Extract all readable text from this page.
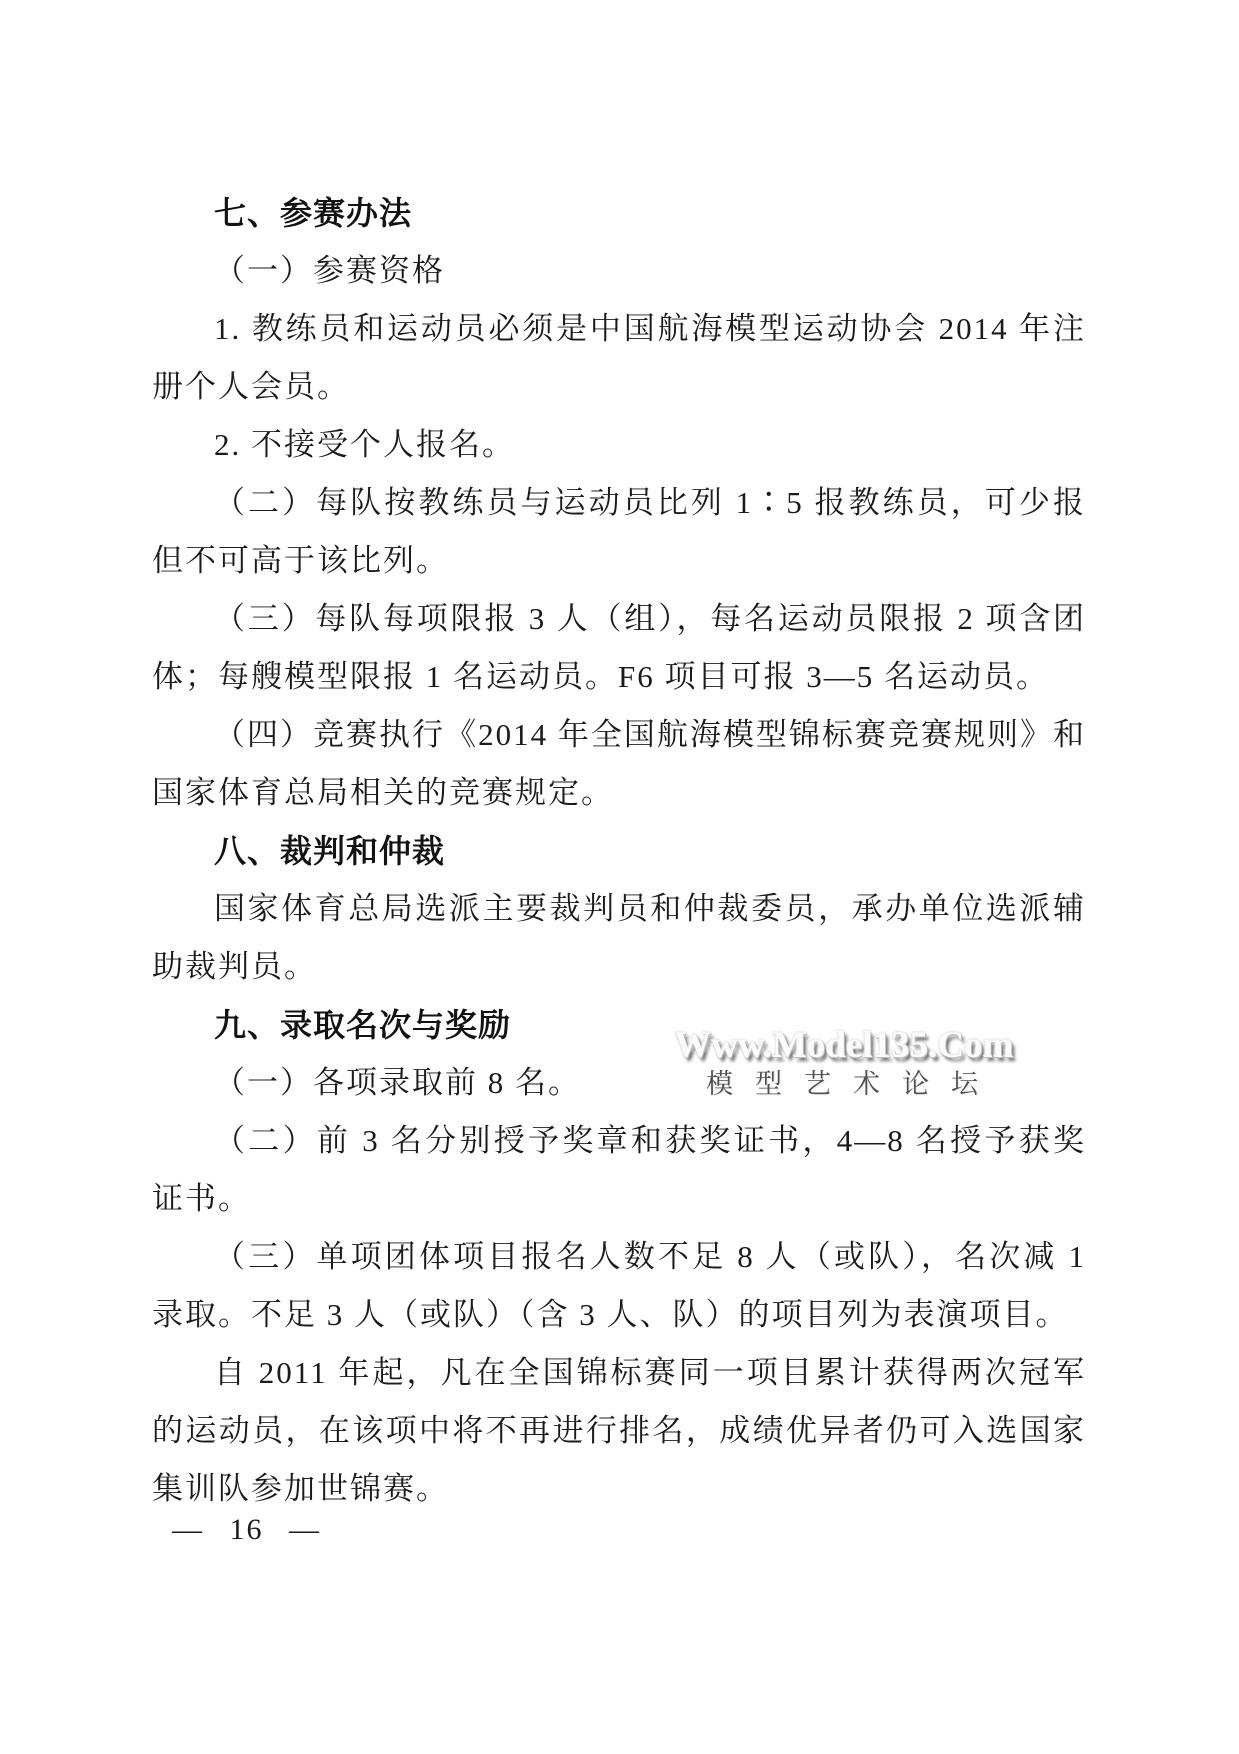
七、参赛办法

（一）参赛资格

1. 教练员和运动员必须是中国航海模型运动协会 2014 年注册个人会员。

2. 不接受个人报名。

（二）每队按教练员与运动员比列 1∶5 报教练员，可少报但不可高于该比列。

（三）每队每项限报 3 人（组），每名运动员限报 2 项含团体；每艘模型限报 1 名运动员。F6 项目可报 3—5 名运动员。

（四）竞赛执行《2014 年全国航海模型锦标赛竞赛规则》和国家体育总局相关的竞赛规定。

八、裁判和仲裁

国家体育总局选派主要裁判员和仲裁委员，承办单位选派辅助裁判员。

九、录取名次与奖励

（一）各项录取前 8 名。

（二）前 3 名分别授予奖章和获奖证书，4—8 名授予获奖证书。

（三）单项团体项目报名人数不足 8 人（或队），名次减 1 录取。不足 3 人（或队）（含 3 人、队）的项目列为表演项目。

自 2011 年起，凡在全国锦标赛同一项目累计获得两次冠军的运动员，在该项中将不再进行排名，成绩优异者仍可入选国家集训队参加世锦赛。

Www.Model135.Com
模型艺术论坛
— 16 —
